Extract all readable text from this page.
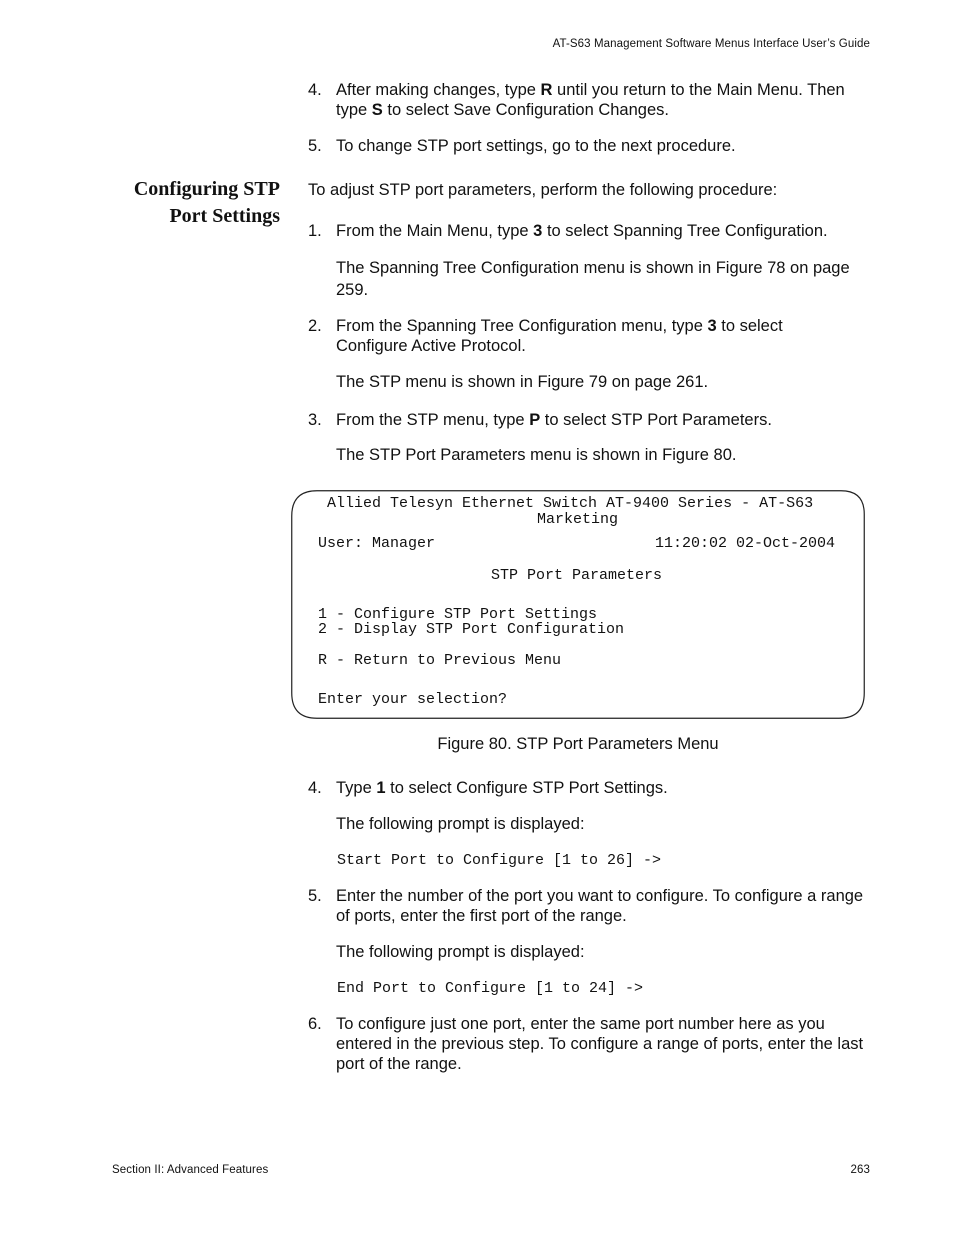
AT-S63 Management Software Menus Interface User’s Guide
4. After making changes, type R until you return to the Main Menu. Then type S to select Save Configuration Changes.
5. To change STP port settings, go to the next procedure.
Configuring STP
Port Settings
To adjust STP port parameters, perform the following procedure:
1. From the Main Menu, type 3 to select Spanning Tree Configuration.
The Spanning Tree Configuration menu is shown in Figure 78 on page 259.
2. From the Spanning Tree Configuration menu, type 3 to select Configure Active Protocol.
The STP menu is shown in Figure 79 on page 261.
3. From the STP menu, type P to select STP Port Parameters.
The STP Port Parameters menu is shown in Figure 80.
Allied Telesyn Ethernet Switch AT-9400 Series - AT-S63
Marketing
User: Manager	11:20:02 02-Oct-2004
STP Port Parameters
1 - Configure STP Port Settings
2 - Display STP Port Configuration
R - Return to Previous Menu
Enter your selection?
Figure 80. STP Port Parameters Menu
4. Type 1 to select Configure STP Port Settings.
The following prompt is displayed:
Start Port to Configure [1 to 26] ->
5. Enter the number of the port you want to configure. To configure a range of ports, enter the first port of the range.
The following prompt is displayed:
End Port to Configure [1 to 24] ->
6. To configure just one port, enter the same port number here as you entered in the previous step. To configure a range of ports, enter the last port of the range.
Section II: Advanced Features	263
